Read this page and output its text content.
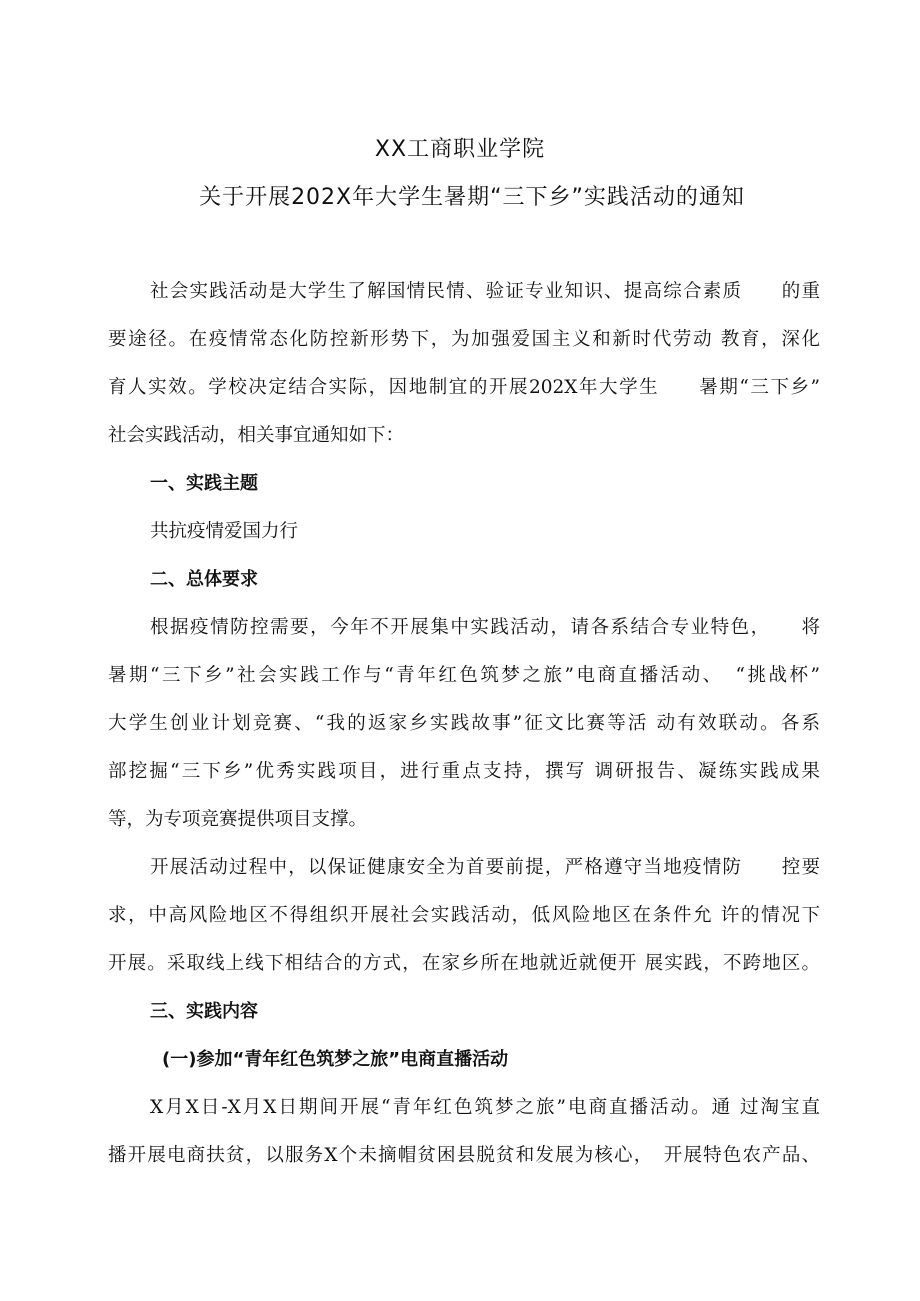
XX工商职业学院
关于开展202X年大学生暑期“三下乡”实践活动的通知
社会实践活动是大学生了解国情民情、验证专业知识、提高综合素质　　的重
要途径。在疫情常态化防控新形势下，为加强爱国主义和新时代劳动 教育，深化
育人实效。学校决定结合实际，因地制宜的开展202X年大学生　　暑期“三下乡”
社会实践活动，相关事宜通知如下：
一、实践主题
共抗疫情爱国力行
二、总体要求
根据疫情防控需要，今年不开展集中实践活动，请各系结合专业特色，　　将
暑期“三下乡”社会实践工作与“青年红色筑梦之旅”电商直播活动、　“挑战杯”
大学生创业计划竞赛、“我的返家乡实践故事”征文比赛等活 动有效联动。各系
部挖掘“三下乡”优秀实践项目，进行重点支持，撰写 调研报告、凝练实践成果
等，为专项竞赛提供项目支撑。
开展活动过程中，以保证健康安全为首要前提，严格遵守当地疫情防　　控要
求，中高风险地区不得组织开展社会实践活动，低风险地区在条件允 许的情况下
开展。采取线上线下相结合的方式，在家乡所在地就近就便开 展实践，不跨地区。
三、实践内容
(一)参加“青年红色筑梦之旅”电商直播活动
X月X日-X月X日期间开展“青年红色筑梦之旅”电商直播活动。通 过淘宝直
播开展电商扶贫，以服务X个未摘帽贫困县脱贫和发展为核心，　开展特色农产品、
